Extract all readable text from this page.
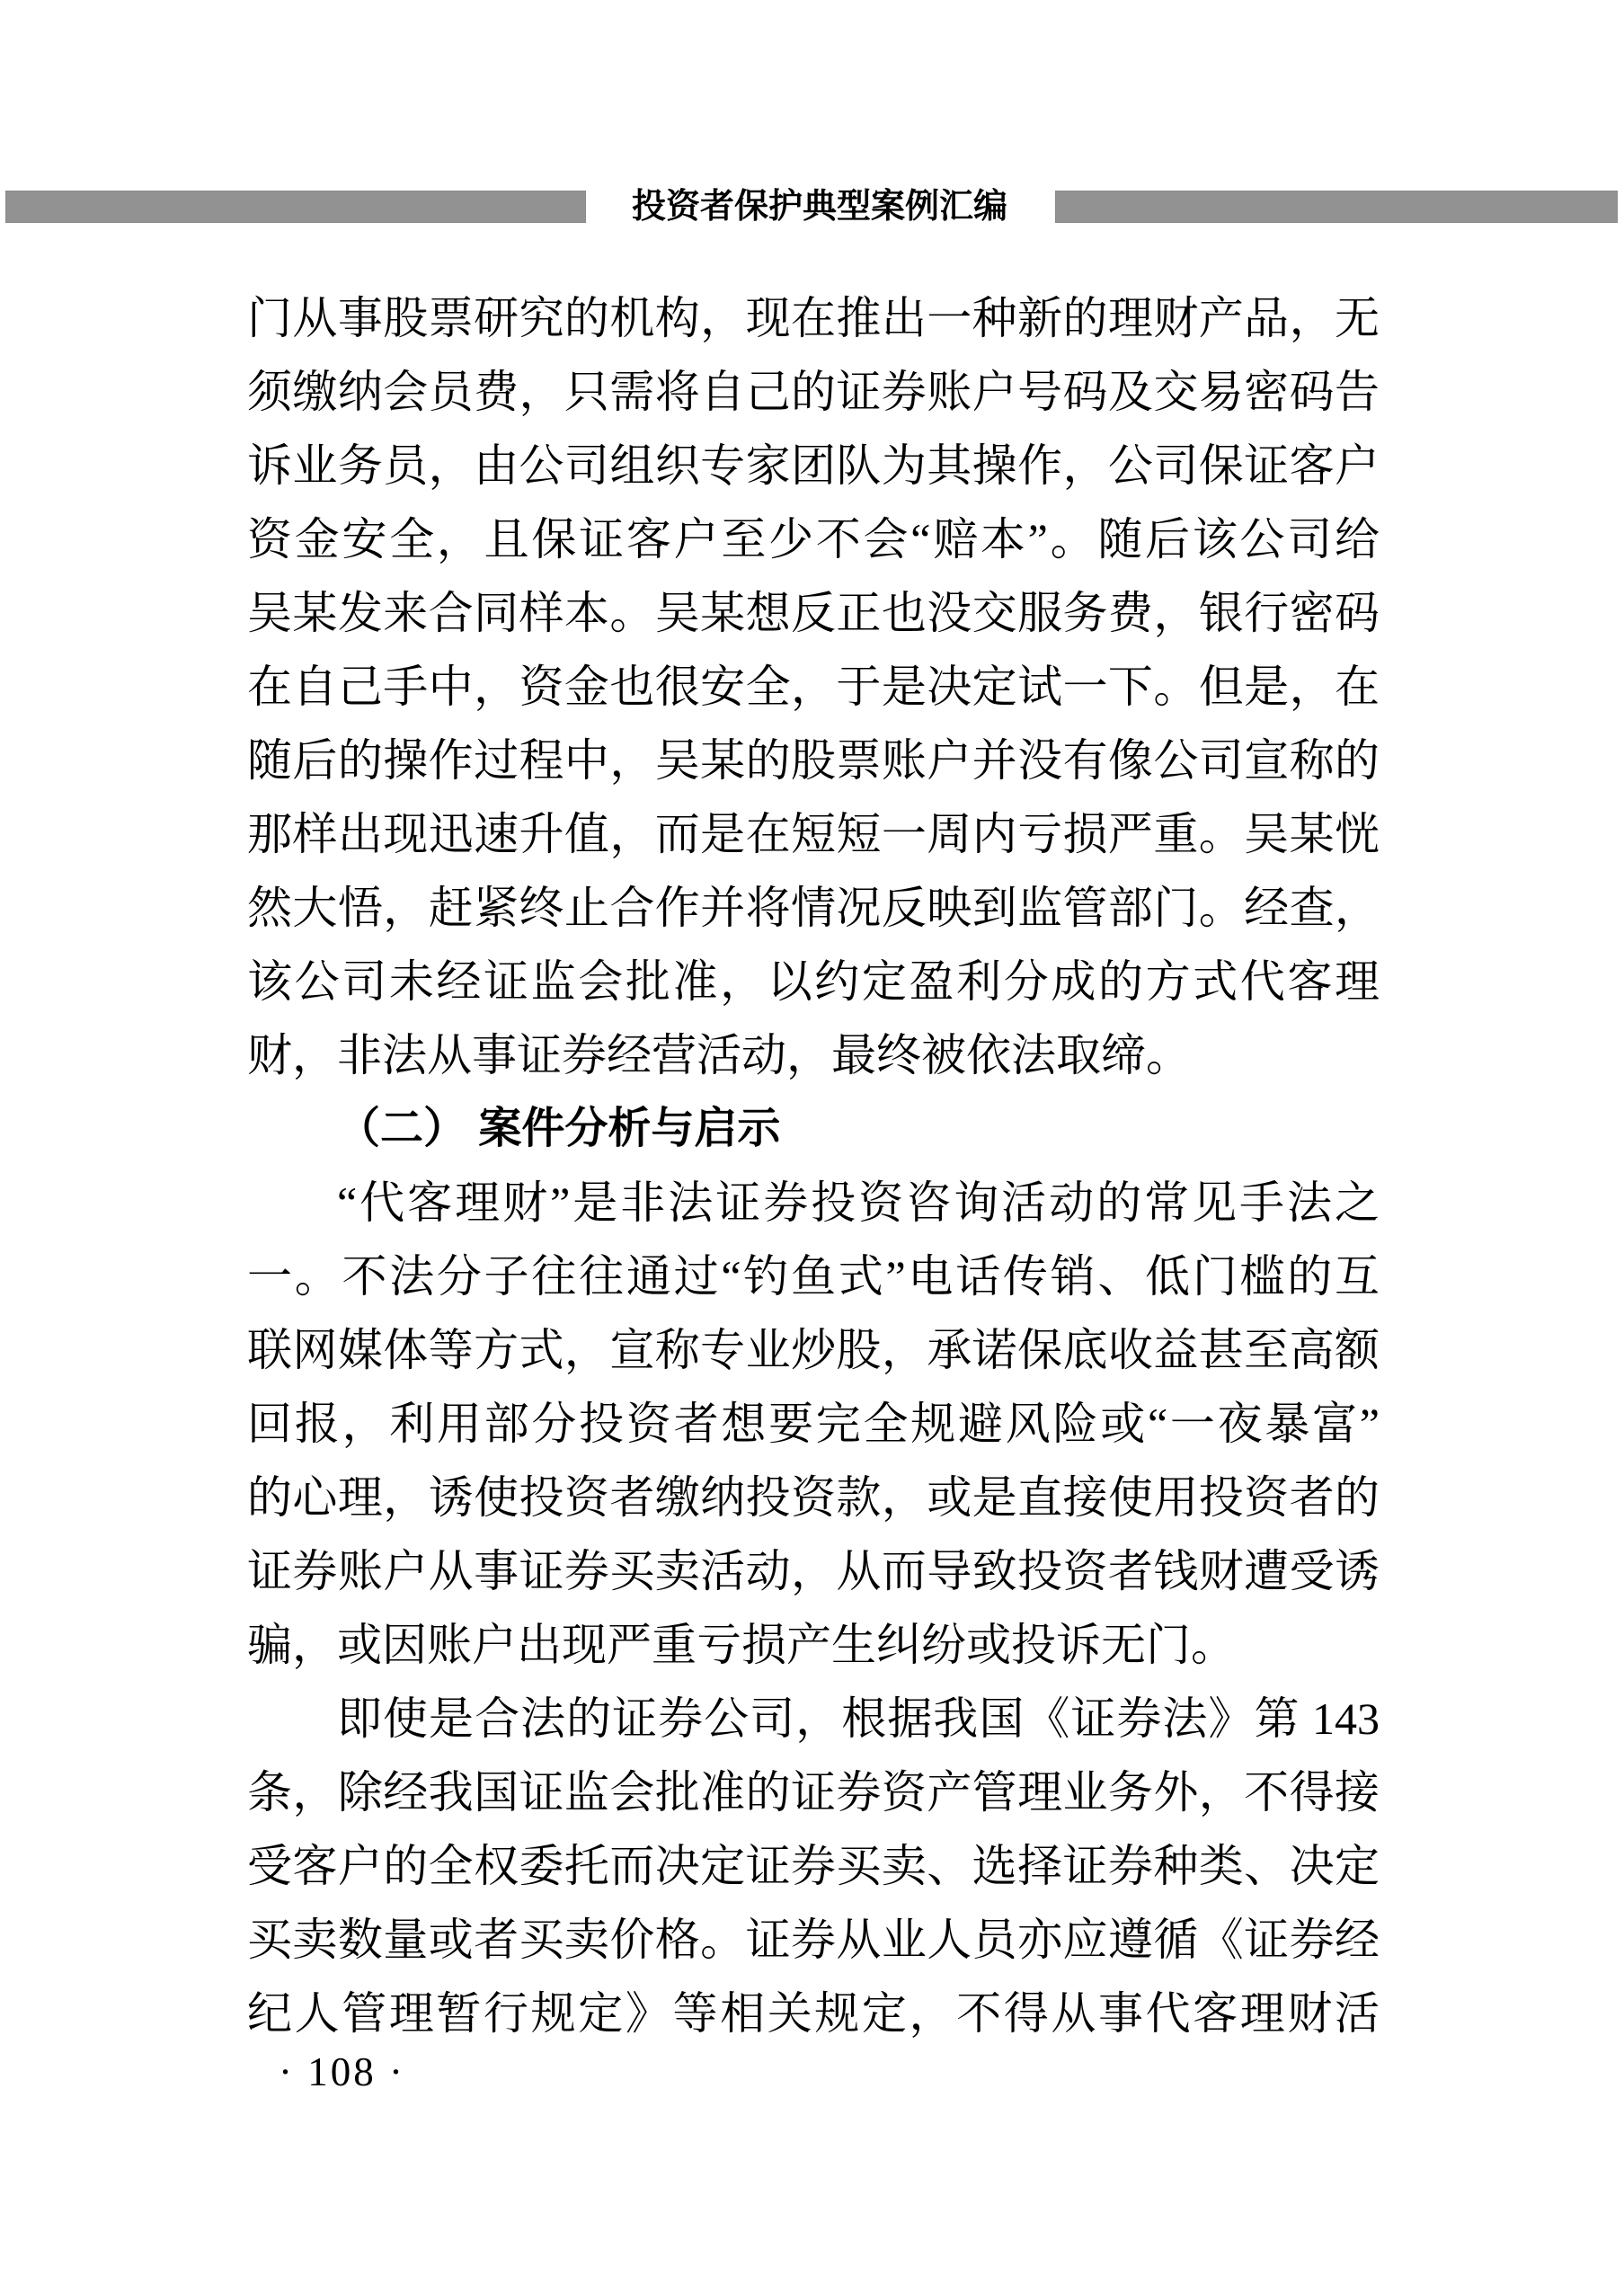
投资者保护典型案例汇编
门从事股票研究的机构，现在推出一种新的理财产品，无
须缴纳会员费，只需将自己的证券账户号码及交易密码告
诉业务员，由公司组织专家团队为其操作，公司保证客户
资金安全，且保证客户至少不会“赔本”。随后该公司给
吴某发来合同样本。吴某想反正也没交服务费，银行密码
在自己手中，资金也很安全，于是决定试一下。但是，在
随后的操作过程中，吴某的股票账户并没有像公司宣称的
那样出现迅速升值，而是在短短一周内亏损严重。吴某恍
然大悟，赶紧终止合作并将情况反映到监管部门。经查，
该公司未经证监会批准，以约定盈利分成的方式代客理
财，非法从事证券经营活动，最终被依法取缔。
（二） 案件分析与启示
“代客理财”是非法证券投资咨询活动的常见手法之
一。不法分子往往通过“钓鱼式”电话传销、低门槛的互
联网媒体等方式，宣称专业炒股，承诺保底收益甚至高额
回报，利用部分投资者想要完全规避风险或“一夜暴富”
的心理，诱使投资者缴纳投资款，或是直接使用投资者的
证券账户从事证券买卖活动，从而导致投资者钱财遭受诱
骗，或因账户出现严重亏损产生纠纷或投诉无门。
即使是合法的证券公司，根据我国《证券法》第 143
条，除经我国证监会批准的证券资产管理业务外，不得接
受客户的全权委托而决定证券买卖、选择证券种类、决定
买卖数量或者买卖价格。证券从业人员亦应遵循《证券经
纪人管理暂行规定》等相关规定，不得从事代客理财活
· 108 ·
